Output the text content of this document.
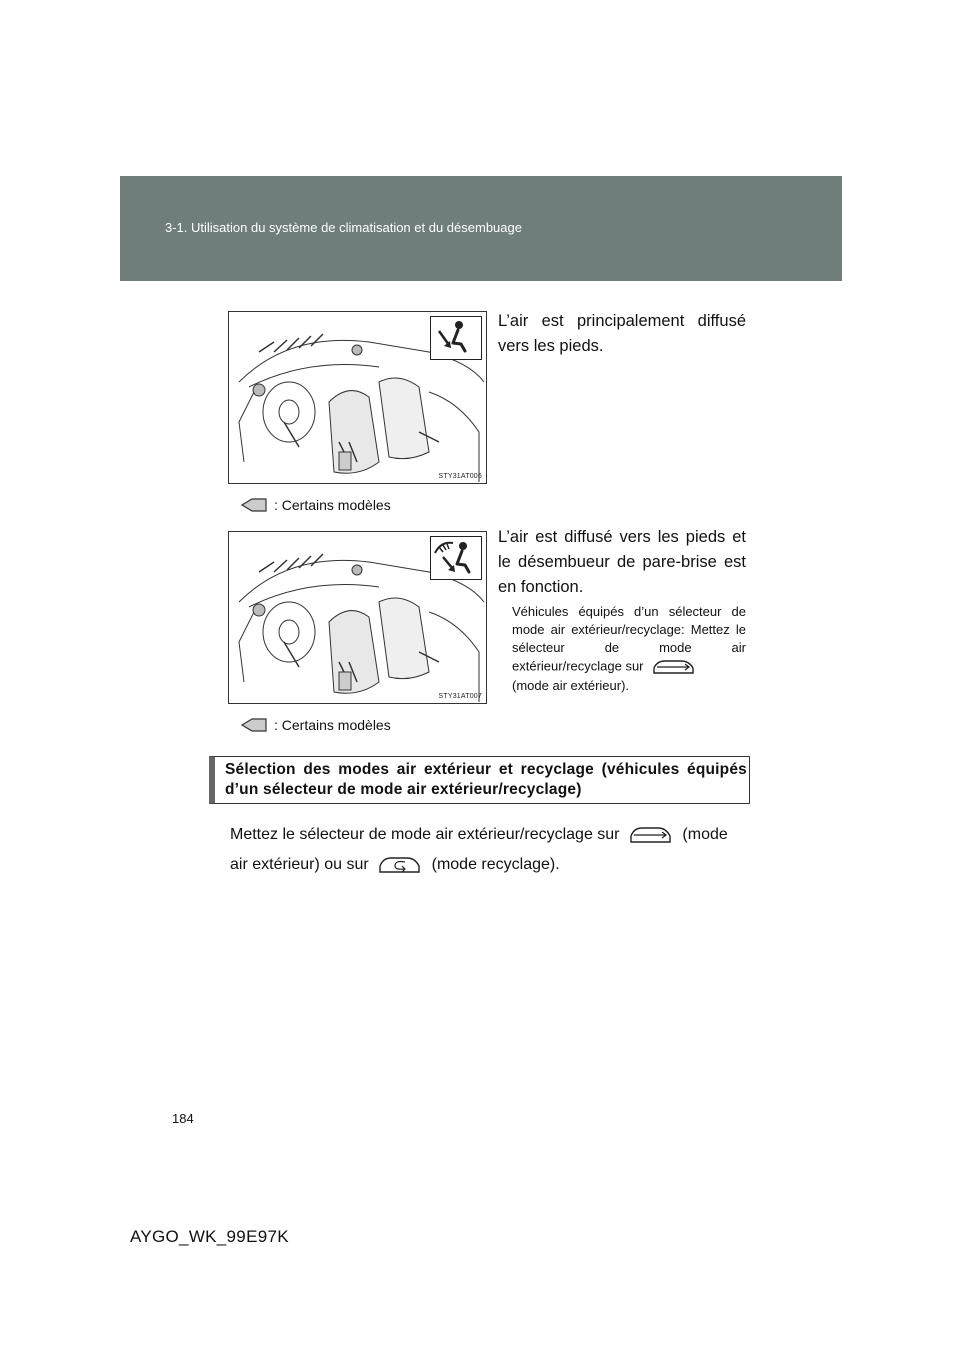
3-1. Utilisation du système de climatisation et du désembuage
STY31AT006
: Certains modèles
L’air est principalement diffusé vers les pieds.
STY31AT007
: Certains modèles
L’air est diffusé vers les pieds et le désembueur de pare-brise est en fonction.
Véhicules équipés d’un sélecteur de mode air extérieur/recyclage: Mettez le sélecteur de mode air extérieur/recyclage sur
(mode air extérieur).
Sélection des modes air extérieur et recyclage (véhicules équipés d’un sélecteur de mode air extérieur/recyclage)
Mettez le sélecteur de mode air extérieur/recyclage sur	(mode air extérieur) ou sur	(mode recyclage).
184
AYGO_WK_99E97K
